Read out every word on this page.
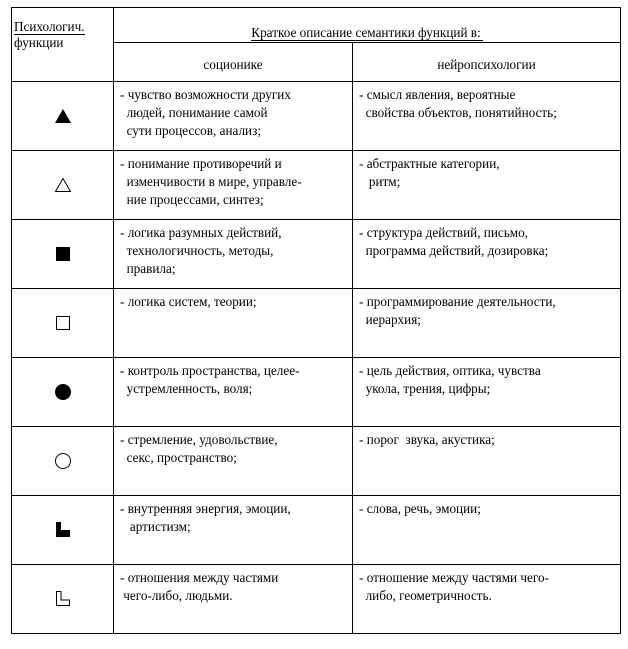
Психологич.
функции	Краткое описание семантики функций в:	

	соционике	нейропсихологии

- чувство возможности других
людей, понимание самой
сути процессов, анализ;	- смысл явления, вероятные
свойства объектов, понятийность;

- понимание противоречий и
изменчивости в мире, управле-
ние процессами, синтез;	- абстрактные категории,
ритм;

- логика разумных действий,
технологичность, методы,
правила;	- структура действий, письмо,
программа действий, дозировка;

- логика систем, теории;	- программирование деятельности,
иерархия;

- контроль пространства, целее-
устремленность, воля;	- цель действия, оптика, чувства
укола, трения, цифры;

- стремление, удовольствие,
секс, пространство;	- порог  звука, акустика;

- внутренняя энергия, эмоции,
артистизм;	- слова, речь, эмоции;

- отношения между частями
чего-либо, людьми.	- отношение между частями чего-
либо, геометричность.
